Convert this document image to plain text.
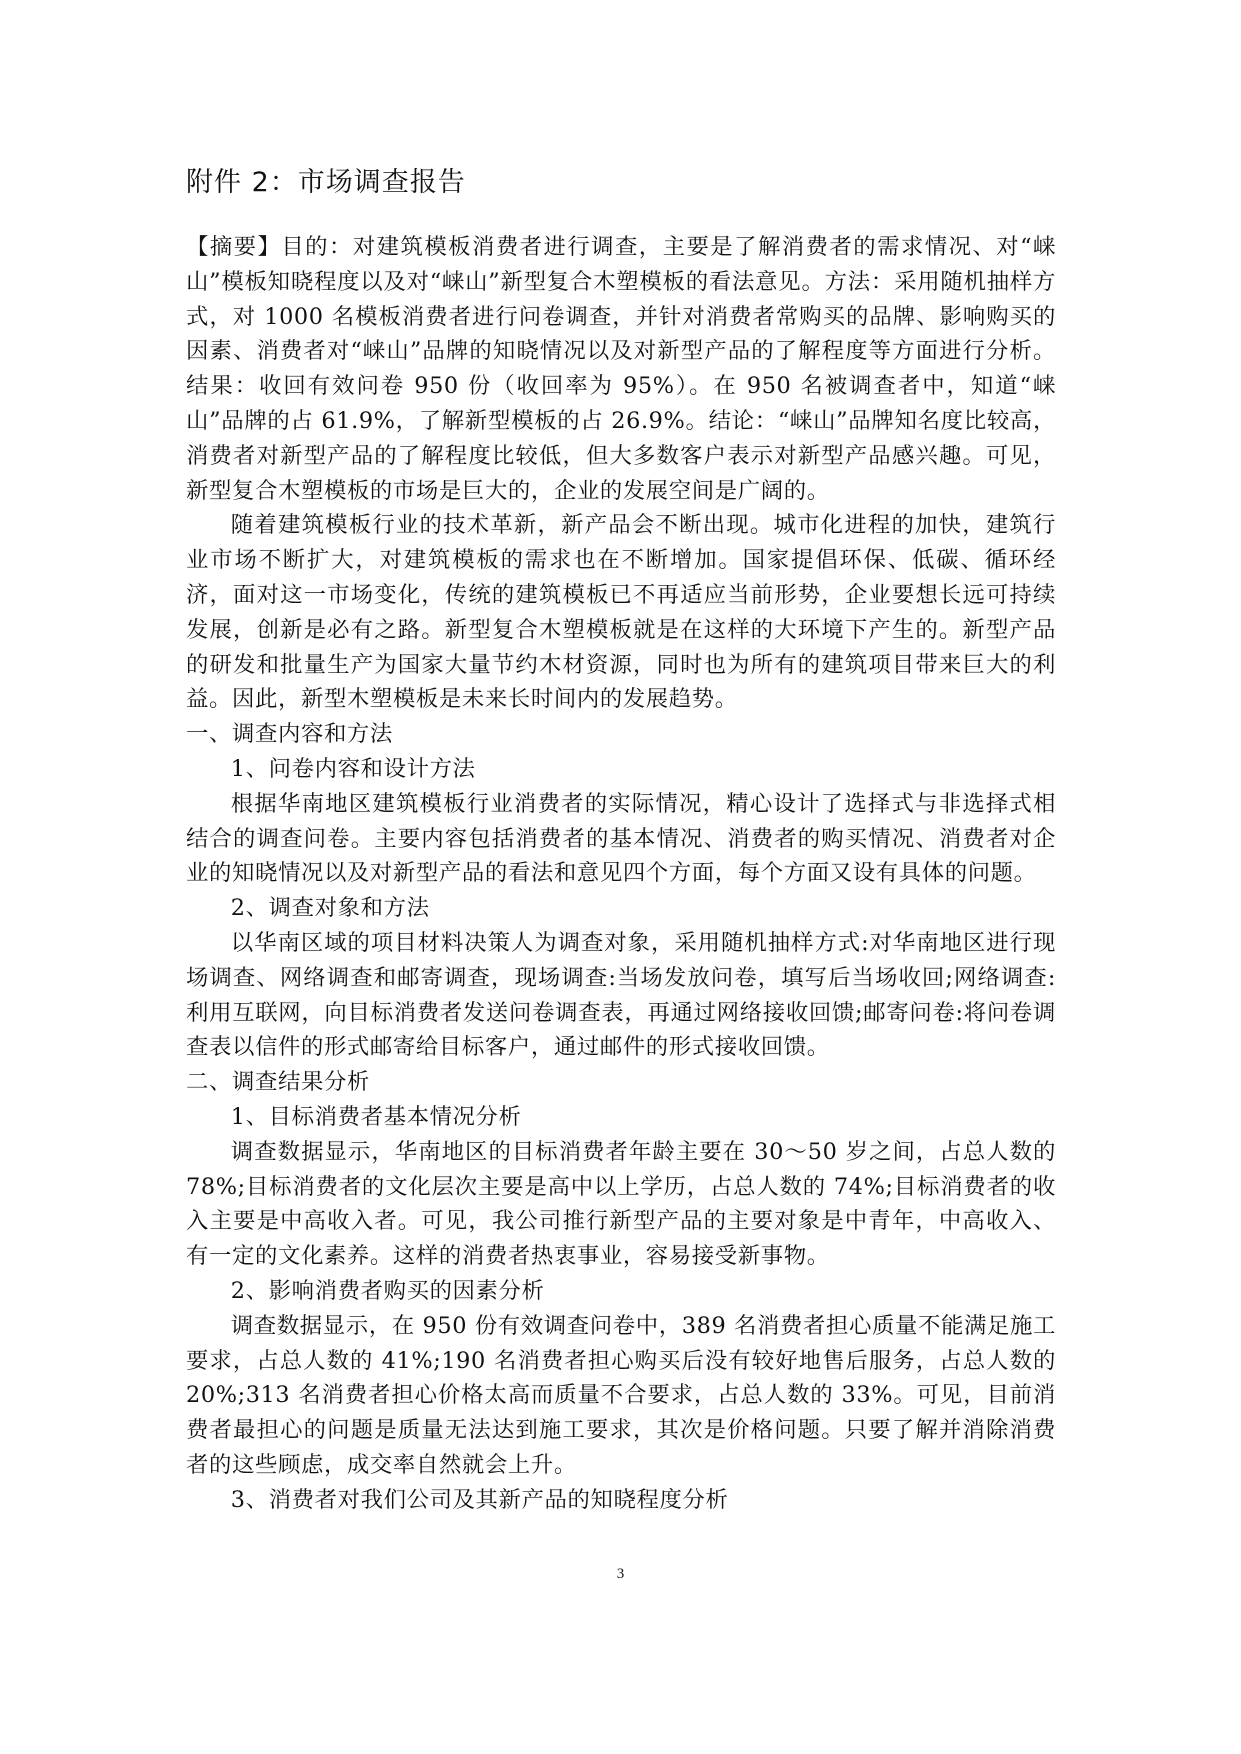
附件 2：市场调查报告

【摘要】目的：对建筑模板消费者进行调查，主要是了解消费者的需求情况、对“崃山”模板知晓程度以及对“崃山”新型复合木塑模板的看法意见。方法：采用随机抽样方式，对 1000 名模板消费者进行问卷调查，并针对消费者常购买的品牌、影响购买的因素、消费者对“崃山”品牌的知晓情况以及对新型产品的了解程度等方面进行分析。结果：收回有效问卷 950 份（收回率为 95%）。在 950 名被调查者中，知道“崃山”品牌的占 61.9%，了解新型模板的占 26.9%。结论：“崃山”品牌知名度比较高，消费者对新型产品的了解程度比较低，但大多数客户表示对新型产品感兴趣。可见，新型复合木塑模板的市场是巨大的，企业的发展空间是广阔的。

随着建筑模板行业的技术革新，新产品会不断出现。城市化进程的加快，建筑行业市场不断扩大，对建筑模板的需求也在不断增加。国家提倡环保、低碳、循环经济，面对这一市场变化，传统的建筑模板已不再适应当前形势，企业要想长远可持续发展，创新是必有之路。新型复合木塑模板就是在这样的大环境下产生的。新型产品的研发和批量生产为国家大量节约木材资源，同时也为所有的建筑项目带来巨大的利益。因此，新型木塑模板是未来长时间内的发展趋势。

一、调查内容和方法

1、问卷内容和设计方法

根据华南地区建筑模板行业消费者的实际情况，精心设计了选择式与非选择式相结合的调查问卷。主要内容包括消费者的基本情况、消费者的购买情况、消费者对企业的知晓情况以及对新型产品的看法和意见四个方面，每个方面又设有具体的问题。

2、调查对象和方法

以华南区域的项目材料决策人为调查对象，采用随机抽样方式:对华南地区进行现场调查、网络调查和邮寄调查，现场调查:当场发放问卷，填写后当场收回;网络调查:利用互联网，向目标消费者发送问卷调查表，再通过网络接收回馈;邮寄问卷:将问卷调查表以信件的形式邮寄给目标客户，通过邮件的形式接收回馈。

二、调查结果分析

1、目标消费者基本情况分析

调查数据显示，华南地区的目标消费者年龄主要在 30～50 岁之间，占总人数的 78%;目标消费者的文化层次主要是高中以上学历，占总人数的 74%;目标消费者的收入主要是中高收入者。可见，我公司推行新型产品的主要对象是中青年，中高收入、有一定的文化素养。这样的消费者热衷事业，容易接受新事物。

2、影响消费者购买的因素分析

调查数据显示，在 950 份有效调查问卷中，389 名消费者担心质量不能满足施工要求，占总人数的 41%;190 名消费者担心购买后没有较好地售后服务，占总人数的 20%;313 名消费者担心价格太高而质量不合要求，占总人数的 33%。可见，目前消费者最担心的问题是质量无法达到施工要求，其次是价格问题。只要了解并消除消费者的这些顾虑，成交率自然就会上升。

3、消费者对我们公司及其新产品的知晓程度分析

3
